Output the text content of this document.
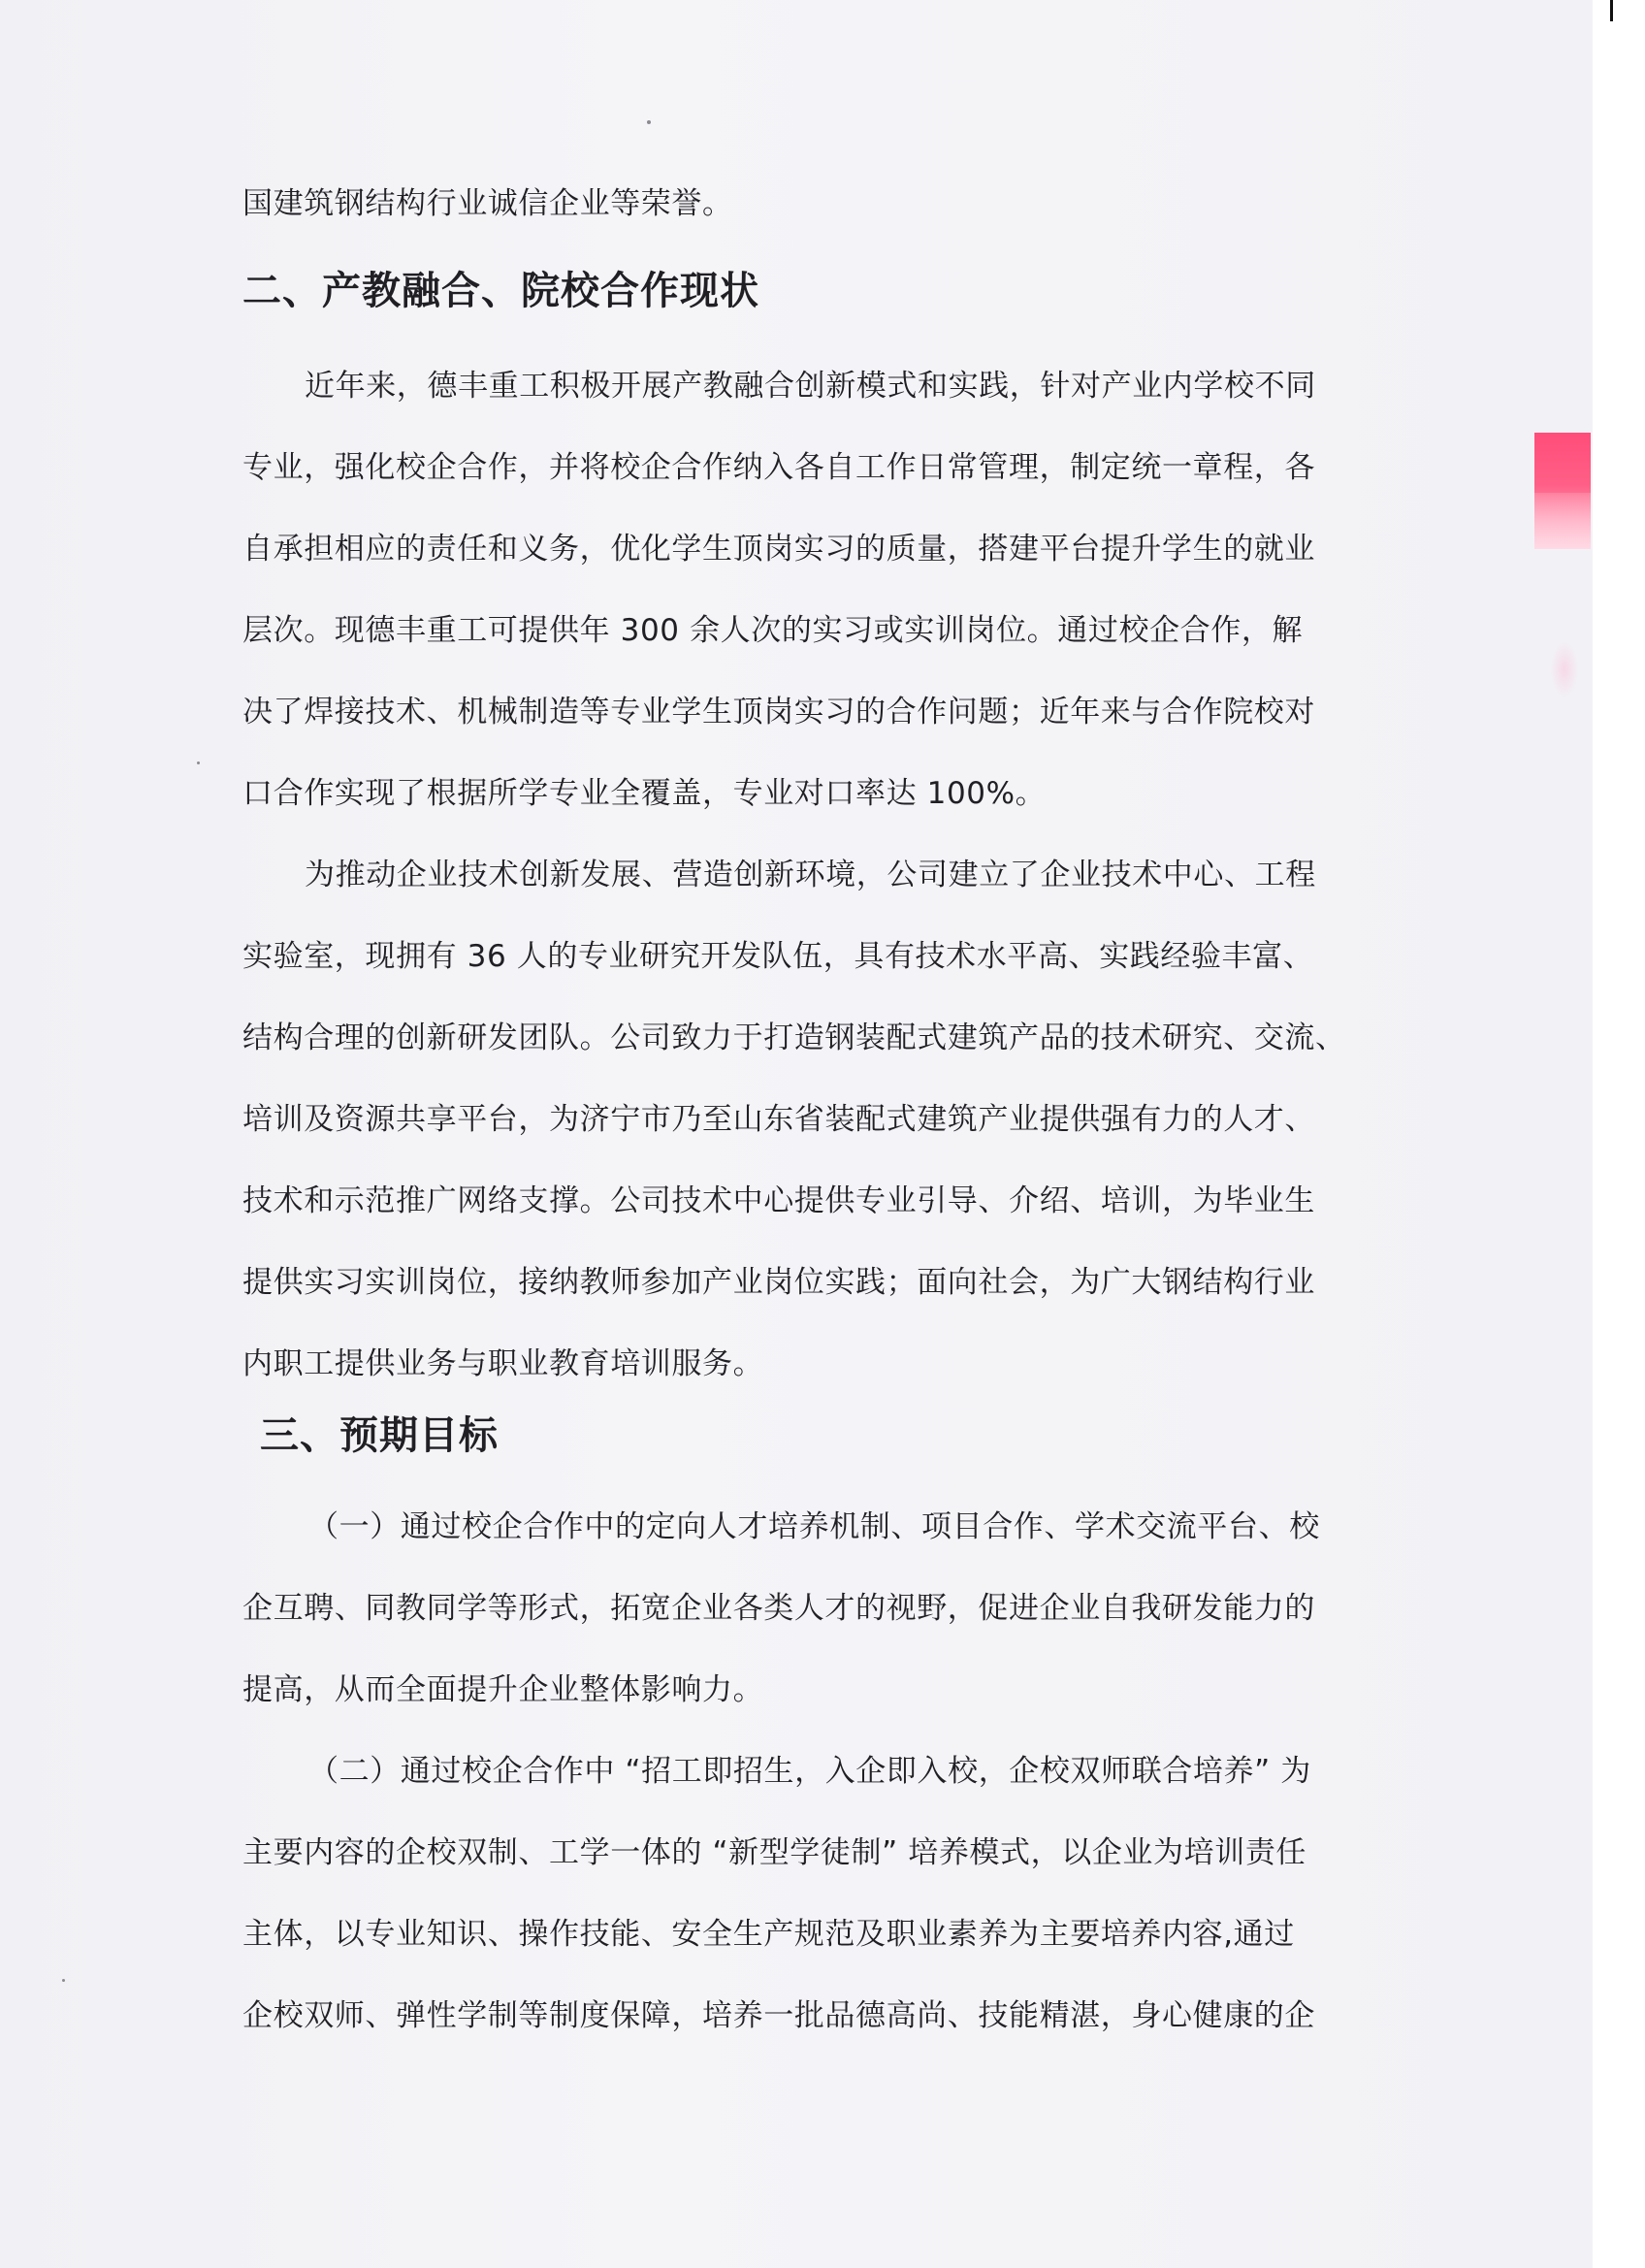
国建筑钢结构行业诚信企业等荣誉。
二、产教融合、院校合作现状
近年来，德丰重工积极开展产教融合创新模式和实践，针对产业内学校不同
专业，强化校企合作，并将校企合作纳入各自工作日常管理，制定统一章程，各
自承担相应的责任和义务，优化学生顶岗实习的质量，搭建平台提升学生的就业
层次。现德丰重工可提供年 300 余人次的实习或实训岗位。通过校企合作，解
决了焊接技术、机械制造等专业学生顶岗实习的合作问题；近年来与合作院校对
口合作实现了根据所学专业全覆盖，专业对口率达 100%。
为推动企业技术创新发展、营造创新环境，公司建立了企业技术中心、工程
实验室，现拥有 36 人的专业研究开发队伍，具有技术水平高、实践经验丰富、
结构合理的创新研发团队。公司致力于打造钢装配式建筑产品的技术研究、交流、
培训及资源共享平台，为济宁市乃至山东省装配式建筑产业提供强有力的人才、
技术和示范推广网络支撑。公司技术中心提供专业引导、介绍、培训，为毕业生
提供实习实训岗位，接纳教师参加产业岗位实践；面向社会，为广大钢结构行业
内职工提供业务与职业教育培训服务。
三、预期目标
（一）通过校企合作中的定向人才培养机制、项目合作、学术交流平台、校
企互聘、同教同学等形式，拓宽企业各类人才的视野，促进企业自我研发能力的
提高，从而全面提升企业整体影响力。
（二）通过校企合作中 “招工即招生，入企即入校，企校双师联合培养” 为
主要内容的企校双制、工学一体的 “新型学徒制” 培养模式，以企业为培训责任
主体，以专业知识、操作技能、安全生产规范及职业素养为主要培养内容,通过
企校双师、弹性学制等制度保障，培养一批品德高尚、技能精湛，身心健康的企
